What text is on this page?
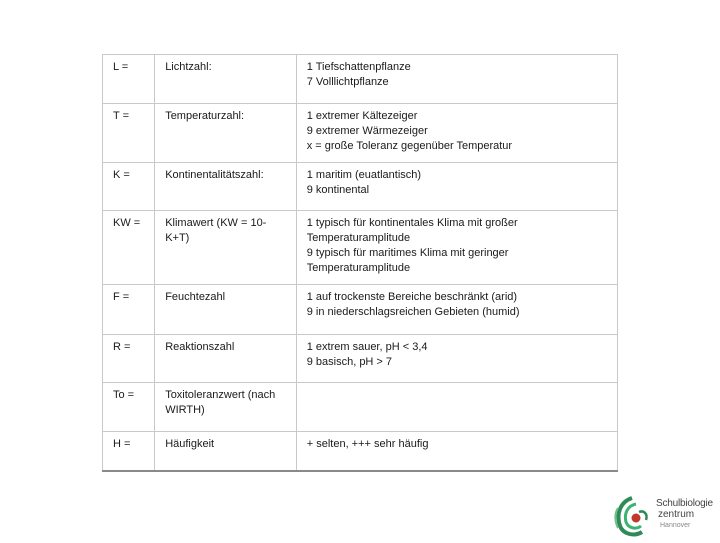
L =	Lichtzahl:	1 Tiefschattenpflanze
7 Volllichtpflanze

T =	Temperaturzahl:	1 extremer Kältezeiger
9 extremer Wärmezeiger
x = große Toleranz gegenüber Temperatur

K =	Kontinentalitätszahl:	1 maritim (euatlantisch)
9 kontinental

KW =	Klimawert (KW = 10-K+T)	1 typisch für kontinentales Klima mit großer Temperaturamplitude
9 typisch für maritimes Klima mit geringer Temperaturamplitude

F =	Feuchtezahl	1 auf trockenste Bereiche beschränkt (arid)
9 in niederschlagsreichen Gebieten (humid)

R =	Reaktionszahl	1 extrem sauer, pH < 3,4
9 basisch, pH > 7

To =	Toxitoleranzwert (nach WIRTH)	
H =	Häufigkeit	+ selten, +++ sehr häufig
Schulbiologie
zentrum
Hannover
